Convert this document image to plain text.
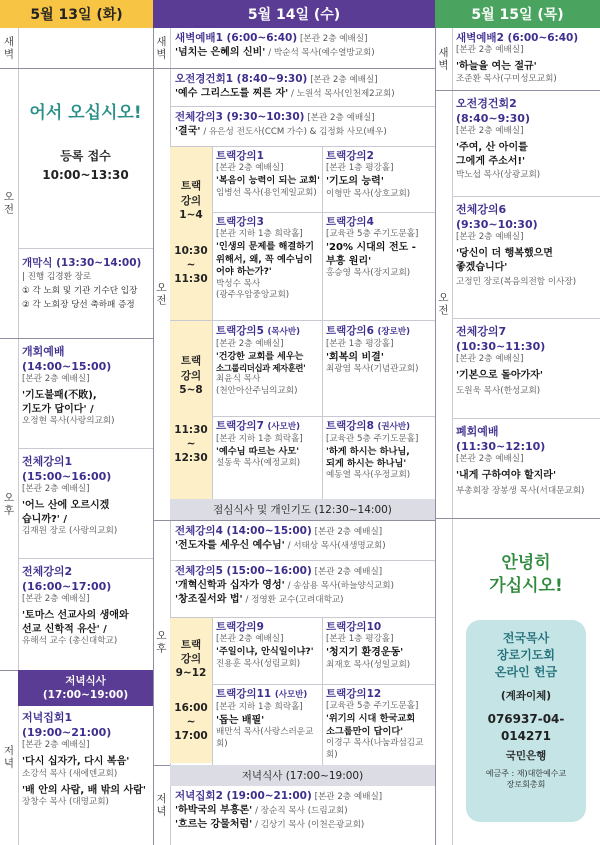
5월 13일 (화)	5월 14일 (수)	5월 15일 (목)
새벽
오전
오후
저녁
어서 오십시오!
등록 접수
10:00~13:30
개막식 (13:30~14:00)
| 진행 김경환 장로
① 각 노회 및 기관 기수단 입장
② 각 노회장 당선 축하패 증정
개회예배
(14:00~15:00)
[본관 2층 예배실]
'기도불패(不敗),
기도가 답이다' /
오정현 목사(사랑의교회)
전체강의1
(15:00~16:00)
[본관 2층 예배실]
'어느 산에 오르시겠
습니까?' /
김재원 장로 (사랑의교회)
전체강의2
(16:00~17:00)
[본관 2층 예배실]
'토마스 선교사의 생애와
선교 신학적 유산' /
유해석 교수 (총신대학교)
저녁식사
(17:00~19:00)
저녁집회1
(19:00~21:00)
[본관 2층 예배실]
'다시 십자가, 다시 복음'
소강석 목사 (새에덴교회)
'배 안의 사람, 배 밖의 사람'
장창수 목사 (대명교회)
새벽
오전
오후
저녁
새벽예배1 (6:00~6:40) [본관 2층 예배실]
'넘치는 은혜의 신비' / 박순석 목사(예수열방교회)
오전경건회1 (8:40~9:30) [본관 2층 예배실]
'예수 그리스도를 찌른 자' / 노원석 목사(인천제2교회)
전체강의3 (9:30~10:30) [본관 2층 예배실]
'결국' / 유은성 전도사(CCM 가수) & 김정화 사모(배우)
트랙
강의
1~4
10:30
~
11:30
트랙강의1
[본관 2층 예배실]
'복음이 능력이 되는 교회'
임병선 목사(용인제일교회)
트랙강의2
[본관 1층 평강홀]
'기도의 능력'
이형만 목사(상호교회)
트랙강의3
[본관 지하 1층 희락홀]
'인생의 문제를 해결하기
위해서, 왜, 꼭 예수님이
어야 하는가?'
박성수 목사
(광주우암중앙교회)
트랙강의4
[교육관 5층 주기도문홀]
'20% 시대의 전도 -
부흥 원리'
홍승영 목사(장지교회)
트랙
강의
5~8
11:30
~
12:30
트랙강의5 (목사반)
[본관 2층 예배실]
'건강한 교회를 세우는
소그룹리더십과 제자훈련'
최윤식 목사
(천안아산주님의교회)
트랙강의6 (장로반)
[본관 1층 평강홀]
'회복의 비결'
최광염 목사(기념관교회)
트랙강의7 (사모반)
[본관 지하 1층 희락홀]
'예수님 따르는 사모'
설동욱 목사(예정교회)
트랙강의8 (권사반)
[교육관 5층 주기도문홀]
'하게 하시는 하나님,
되게 하시는 하나님'
예동열 목사(우정교회)
점심식사 및 개인기도 (12:30~14:00)
전체강의4 (14:00~15:00) [본관 2층 예배실]
'전도자를 세우신 예수님' / 서태상 목사(새생명교회)
전체강의5 (15:00~16:00) [본관 2층 예배실]
'개혁신학과 십자가 영성' / 송삼용 목사(하늘양식교회)
'창조질서와 법' / 정영환 교수(고려대학교)
트랙
강의
9~12
16:00
~
17:00
트랙강의9
[본관 2층 예배실]
'주일이냐, 안식일이냐?'
진용훈 목사(성림교회)
트랙강의10
[본관 1층 평강홀]
'청지기 환경운동'
최재호 목사(성일교회)
트랙강의11 (사모반)
[본관 지하 1층 희락홀]
'돕는 배필'
배만석 목사(사랑스러운교회)
트랙강의12
[교육관 5층 주기도문홀]
'위기의 시대 한국교회
소그룹만이 답이다'
이경구 목사(나눔과섬김교회)
저녁식사 (17:00~19:00)
저녁집회2 (19:00~21:00) [본관 2층 예배실]
'하박국의 부흥론' / 장순직 목사 (드림교회)
'흐르는 강물처럼' / 김상기 목사 (이천은광교회)
새벽
오전
새벽예배2 (6:00~6:40)
[본관 2층 예배실]
'하늘을 여는 절규'
조준환 목사(구미성모교회)
오전경건회2
(8:40~9:30)
[본관 2층 예배실]
'주여, 산 아이를
그에게 주소서!'
박노섭 목사(상광교회)
전체강의6
(9:30~10:30)
[본관 2층 예배실]
'당신이 더 행복했으면
좋겠습니다'
고정민 장로(복음의전함 이사장)
전체강의7
(10:30~11:30)
[본관 2층 예배실]
'기본으로 돌아가자'
도원욱 목사(한성교회)
폐회예배
(11:30~12:10)
[본관 2층 예배실]
'내게 구하여야 할지라'
부총회장 장봉생 목사(서대문교회)
안녕히
가십시오!
전국목사
장로기도회
온라인 헌금
(계좌이체)
076937-04-
014271
국민은행
예금주 : 재)대한예수교
장로회총회
